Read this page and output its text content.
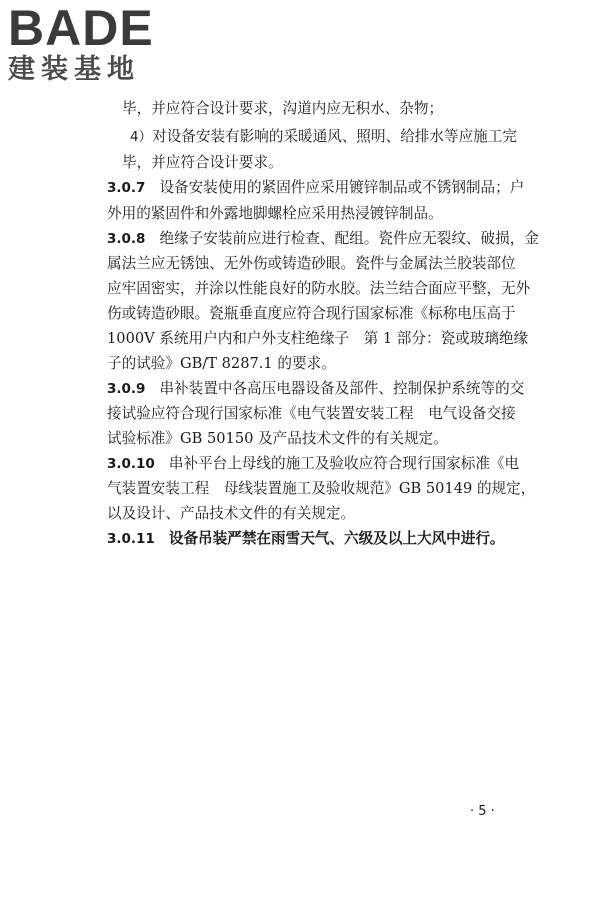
BADE
建装基地
毕，并应符合设计要求，沟道内应无积水、杂物；
4）对设备安装有影响的采暖通风、照明、给排水等应施工完
毕，并应符合设计要求。
3.0.7 设备安装使用的紧固件应采用镀锌制品或不锈钢制品；户
外用的紧固件和外露地脚螺栓应采用热浸镀锌制品。
3.0.8 绝缘子安装前应进行检查、配组。瓷件应无裂纹、破损，金
属法兰应无锈蚀、无外伤或铸造砂眼。瓷件与金属法兰胶装部位
应牢固密实，并涂以性能良好的防水胶。法兰结合面应平整，无外
伤或铸造砂眼。瓷瓶垂直度应符合现行国家标准《标称电压高于
1000V 系统用户内和户外支柱绝缘子　第 1 部分：瓷或玻璃绝缘
子的试验》GB/T 8287.1 的要求。
3.0.9 串补装置中各高压电器设备及部件、控制保护系统等的交
接试验应符合现行国家标准《电气装置安装工程　电气设备交接
试验标准》GB 50150 及产品技术文件的有关规定。
3.0.10 串补平台上母线的施工及验收应符合现行国家标准《电
气装置安装工程　母线装置施工及验收规范》GB 50149 的规定，
以及设计、产品技术文件的有关规定。
3.0.11 设备吊装严禁在雨雪天气、六级及以上大风中进行。
· 5 ·
